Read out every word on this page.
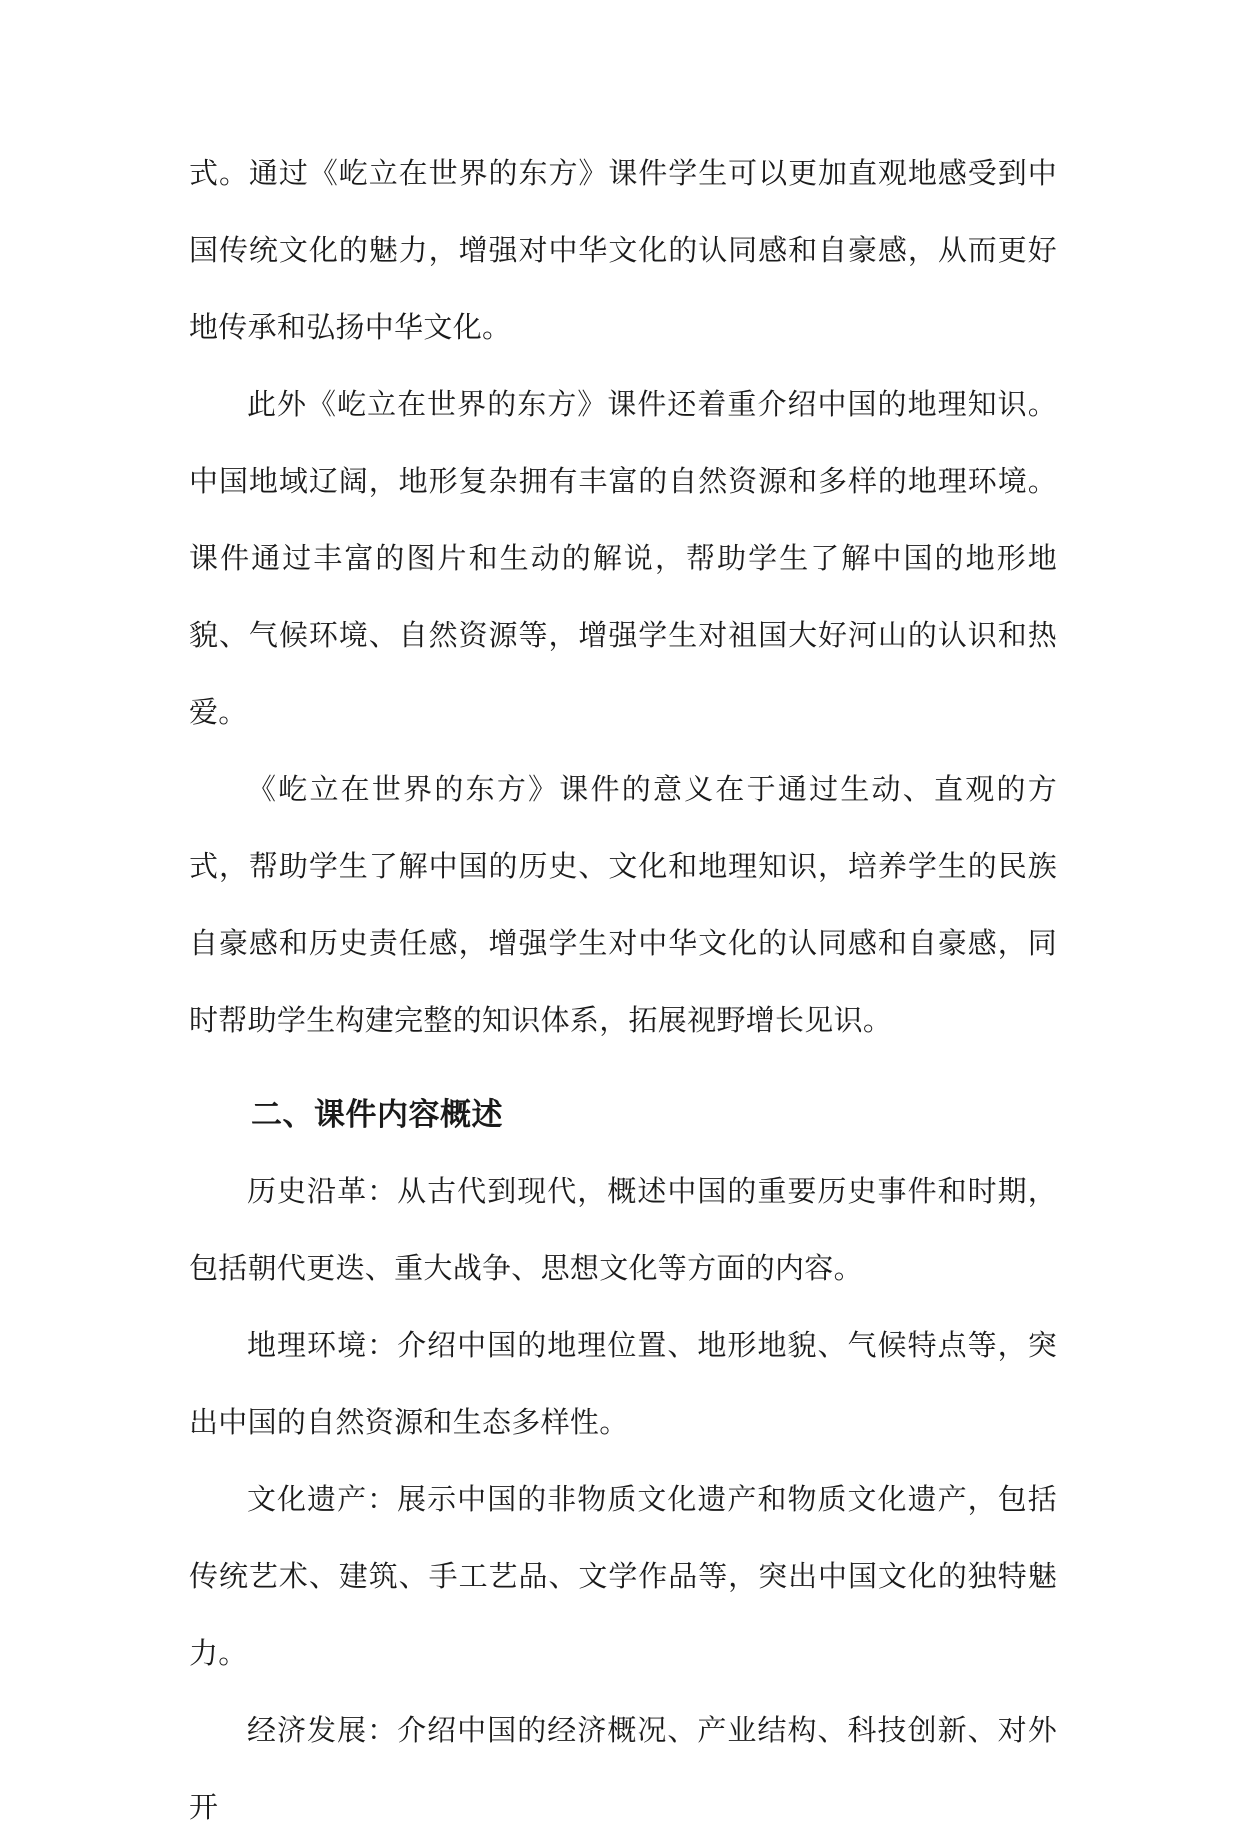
式。通过《屹立在世界的东方》课件学生可以更加直观地感受到中国传统文化的魅力，增强对中华文化的认同感和自豪感，从而更好地传承和弘扬中华文化。

此外《屹立在世界的东方》课件还着重介绍中国的地理知识。中国地域辽阔，地形复杂拥有丰富的自然资源和多样的地理环境。课件通过丰富的图片和生动的解说，帮助学生了解中国的地形地貌、气候环境、自然资源等，增强学生对祖国大好河山的认识和热爱。

《屹立在世界的东方》课件的意义在于通过生动、直观的方式，帮助学生了解中国的历史、文化和地理知识，培养学生的民族自豪感和历史责任感，增强学生对中华文化的认同感和自豪感，同时帮助学生构建完整的知识体系，拓展视野增长见识。

二、课件内容概述

历史沿革：从古代到现代，概述中国的重要历史事件和时期，包括朝代更迭、重大战争、思想文化等方面的内容。

地理环境：介绍中国的地理位置、地形地貌、气候特点等，突出中国的自然资源和生态多样性。

文化遗产：展示中国的非物质文化遗产和物质文化遗产，包括传统艺术、建筑、手工艺品、文学作品等，突出中国文化的独特魅力。

经济发展：介绍中国的经济概况、产业结构、科技创新、对外开
